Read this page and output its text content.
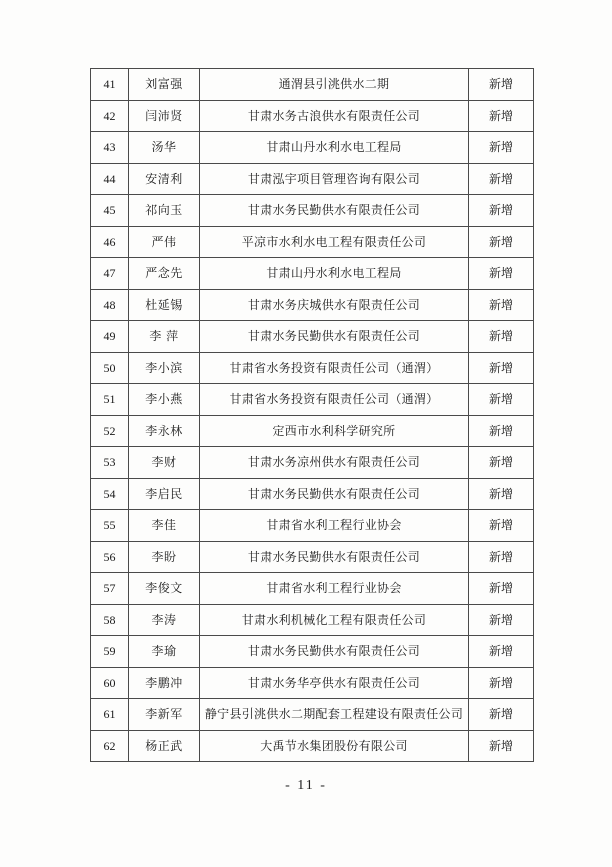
41	刘富强	通渭县引洮供水二期	新增
42	闫沛贤	甘肃水务古浪供水有限责任公司	新增
43	汤华	甘肃山丹水利水电工程局	新增
44	安清利	甘肃泓宇项目管理咨询有限公司	新增
45	祁向玉	甘肃水务民勤供水有限责任公司	新增
46	严伟	平凉市水利水电工程有限责任公司	新增
47	严念先	甘肃山丹水利水电工程局	新增
48	杜延锡	甘肃水务庆城供水有限责任公司	新增
49	李 萍	甘肃水务民勤供水有限责任公司	新增
50	李小滨	甘肃省水务投资有限责任公司（通渭）	新增
51	李小燕	甘肃省水务投资有限责任公司（通渭）	新增
52	李永林	定西市水利科学研究所	新增
53	李财	甘肃水务凉州供水有限责任公司	新增
54	李启民	甘肃水务民勤供水有限责任公司	新增
55	李佳	甘肃省水利工程行业协会	新增
56	李盼	甘肃水务民勤供水有限责任公司	新增
57	李俊文	甘肃省水利工程行业协会	新增
58	李涛	甘肃水利机械化工程有限责任公司	新增
59	李瑜	甘肃水务民勤供水有限责任公司	新增
60	李鹏冲	甘肃水务华亭供水有限责任公司	新增
61	李新军	静宁县引洮供水二期配套工程建设有限责任公司	新增
62	杨正武	大禹节水集团股份有限公司	新增
- 11 -
